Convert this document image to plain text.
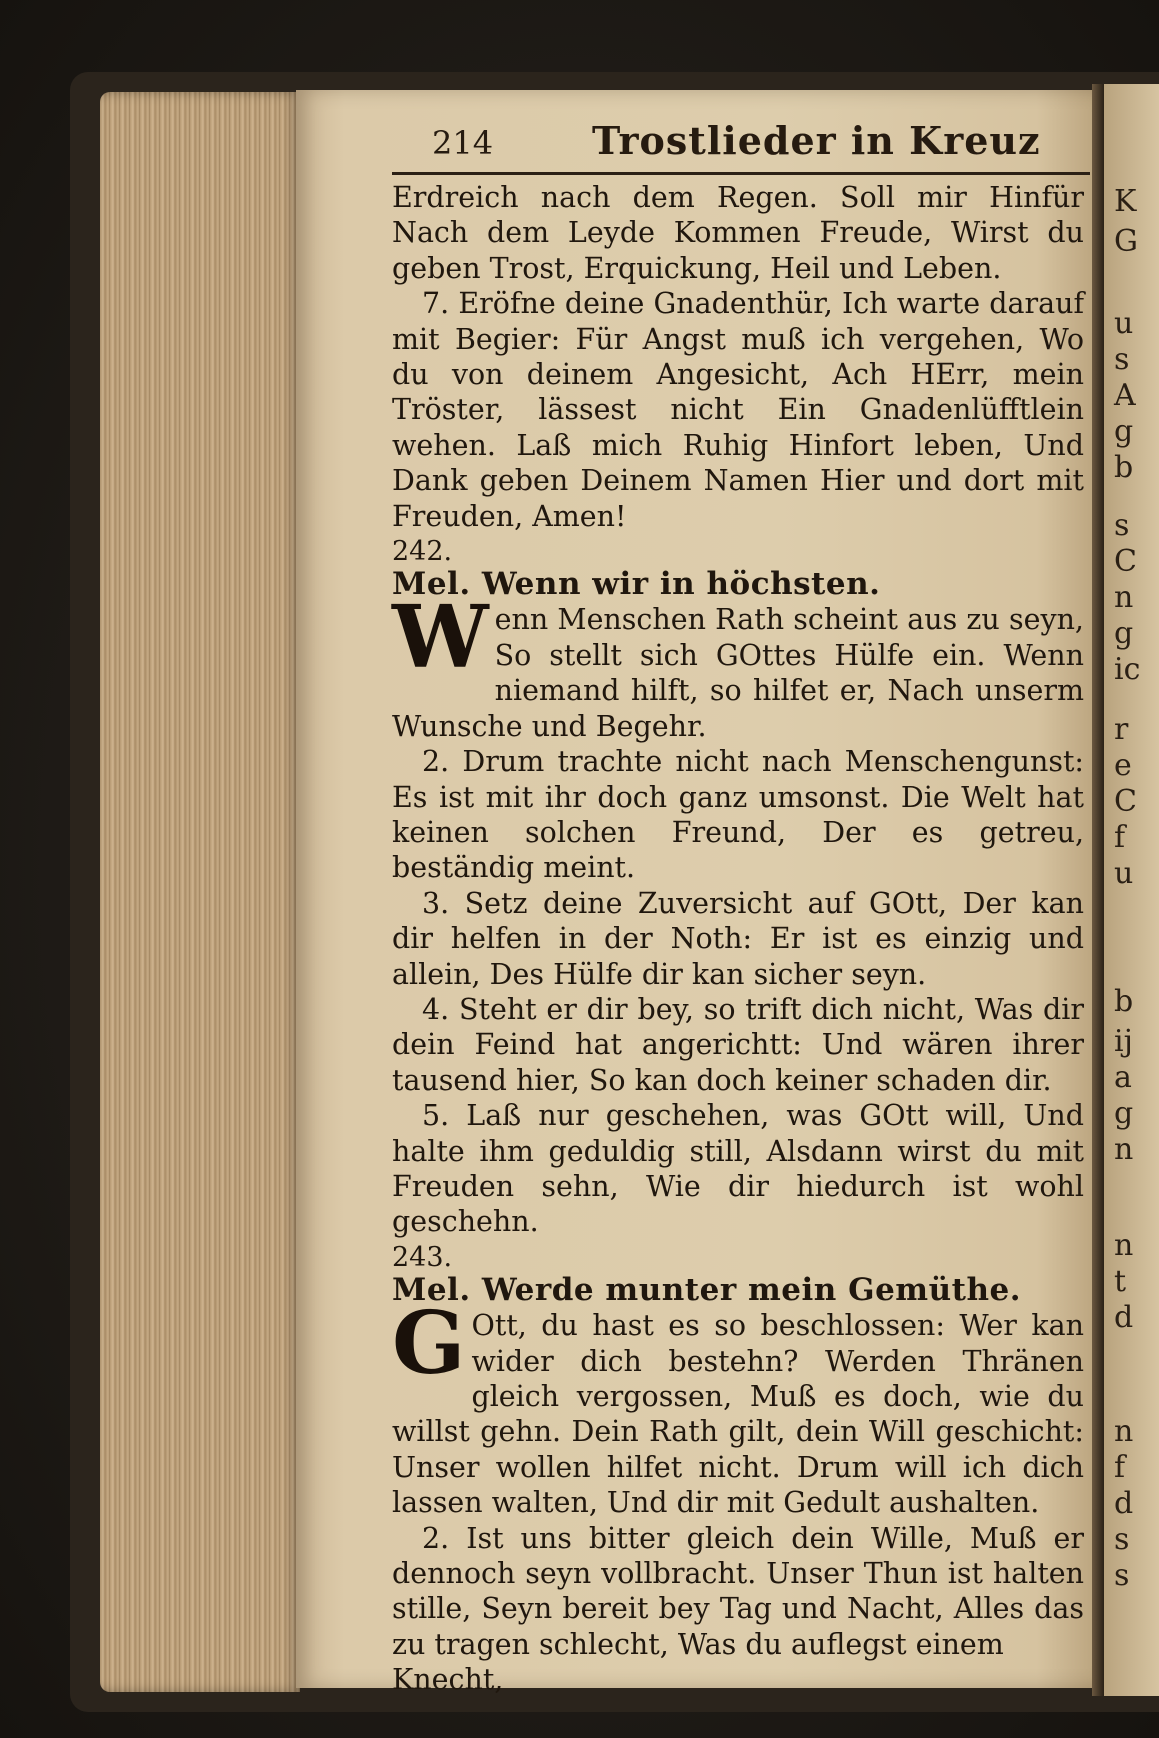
K
G
u
s
A
g
b
s
C
n
g
ic
r
e
C
f
u
b
ij
a
g
n
n
t
d
n
f
d
s
s
214	Trostlieder in Kreuz

Erdreich nach dem Regen. Soll mir Hinfür Nach dem Leyde Kommen Freude, Wirst du geben Trost, Erquickung, Heil und Leben.

7. Eröfne deine Gnadenthür, Ich warte darauf mit Begier: Für Angst muß ich vergehen, Wo du von deinem Angesicht, Ach HErr, mein Tröster, lässest nicht Ein Gnadenlüfftlein wehen. Laß mich Ruhig Hinfort leben, Und Dank geben Deinem Namen Hier und dort mit Freuden, Amen!

242.

Mel. Wenn wir in höchsten.

W enn Menschen Rath scheint aus zu seyn, So stellt sich GOttes Hülfe ein. Wenn niemand hilft, so hilfet er, Nach unserm Wunsche und Begehr.

2. Drum trachte nicht nach Menschengunst: Es ist mit ihr doch ganz umsonst. Die Welt hat keinen solchen Freund, Der es getreu, beständig meint.

3. Setz deine Zuversicht auf GOtt, Der kan dir helfen in der Noth: Er ist es einzig und allein, Des Hülfe dir kan sicher seyn.

4. Steht er dir bey, so trift dich nicht, Was dir dein Feind hat angerichtt: Und wären ihrer tausend hier, So kan doch keiner schaden dir.

5. Laß nur geschehen, was GOtt will, Und halte ihm geduldig still, Alsdann wirst du mit Freuden sehn, Wie dir hiedurch ist wohl geschehn.

243.

Mel. Werde munter mein Gemüthe.

G Ott, du hast es so beschlossen: Wer kan wider dich bestehn? Werden Thränen gleich vergossen, Muß es doch, wie du willst gehn. Dein Rath gilt, dein Will geschicht: Unser wollen hilfet nicht. Drum will ich dich lassen walten, Und dir mit Gedult aushalten.

2. Ist uns bitter gleich dein Wille, Muß er dennoch seyn vollbracht. Unser Thun ist halten stille, Seyn bereit bey Tag und Nacht, Alles das zu tragen schlecht, Was du auflegst einem

Knecht,
